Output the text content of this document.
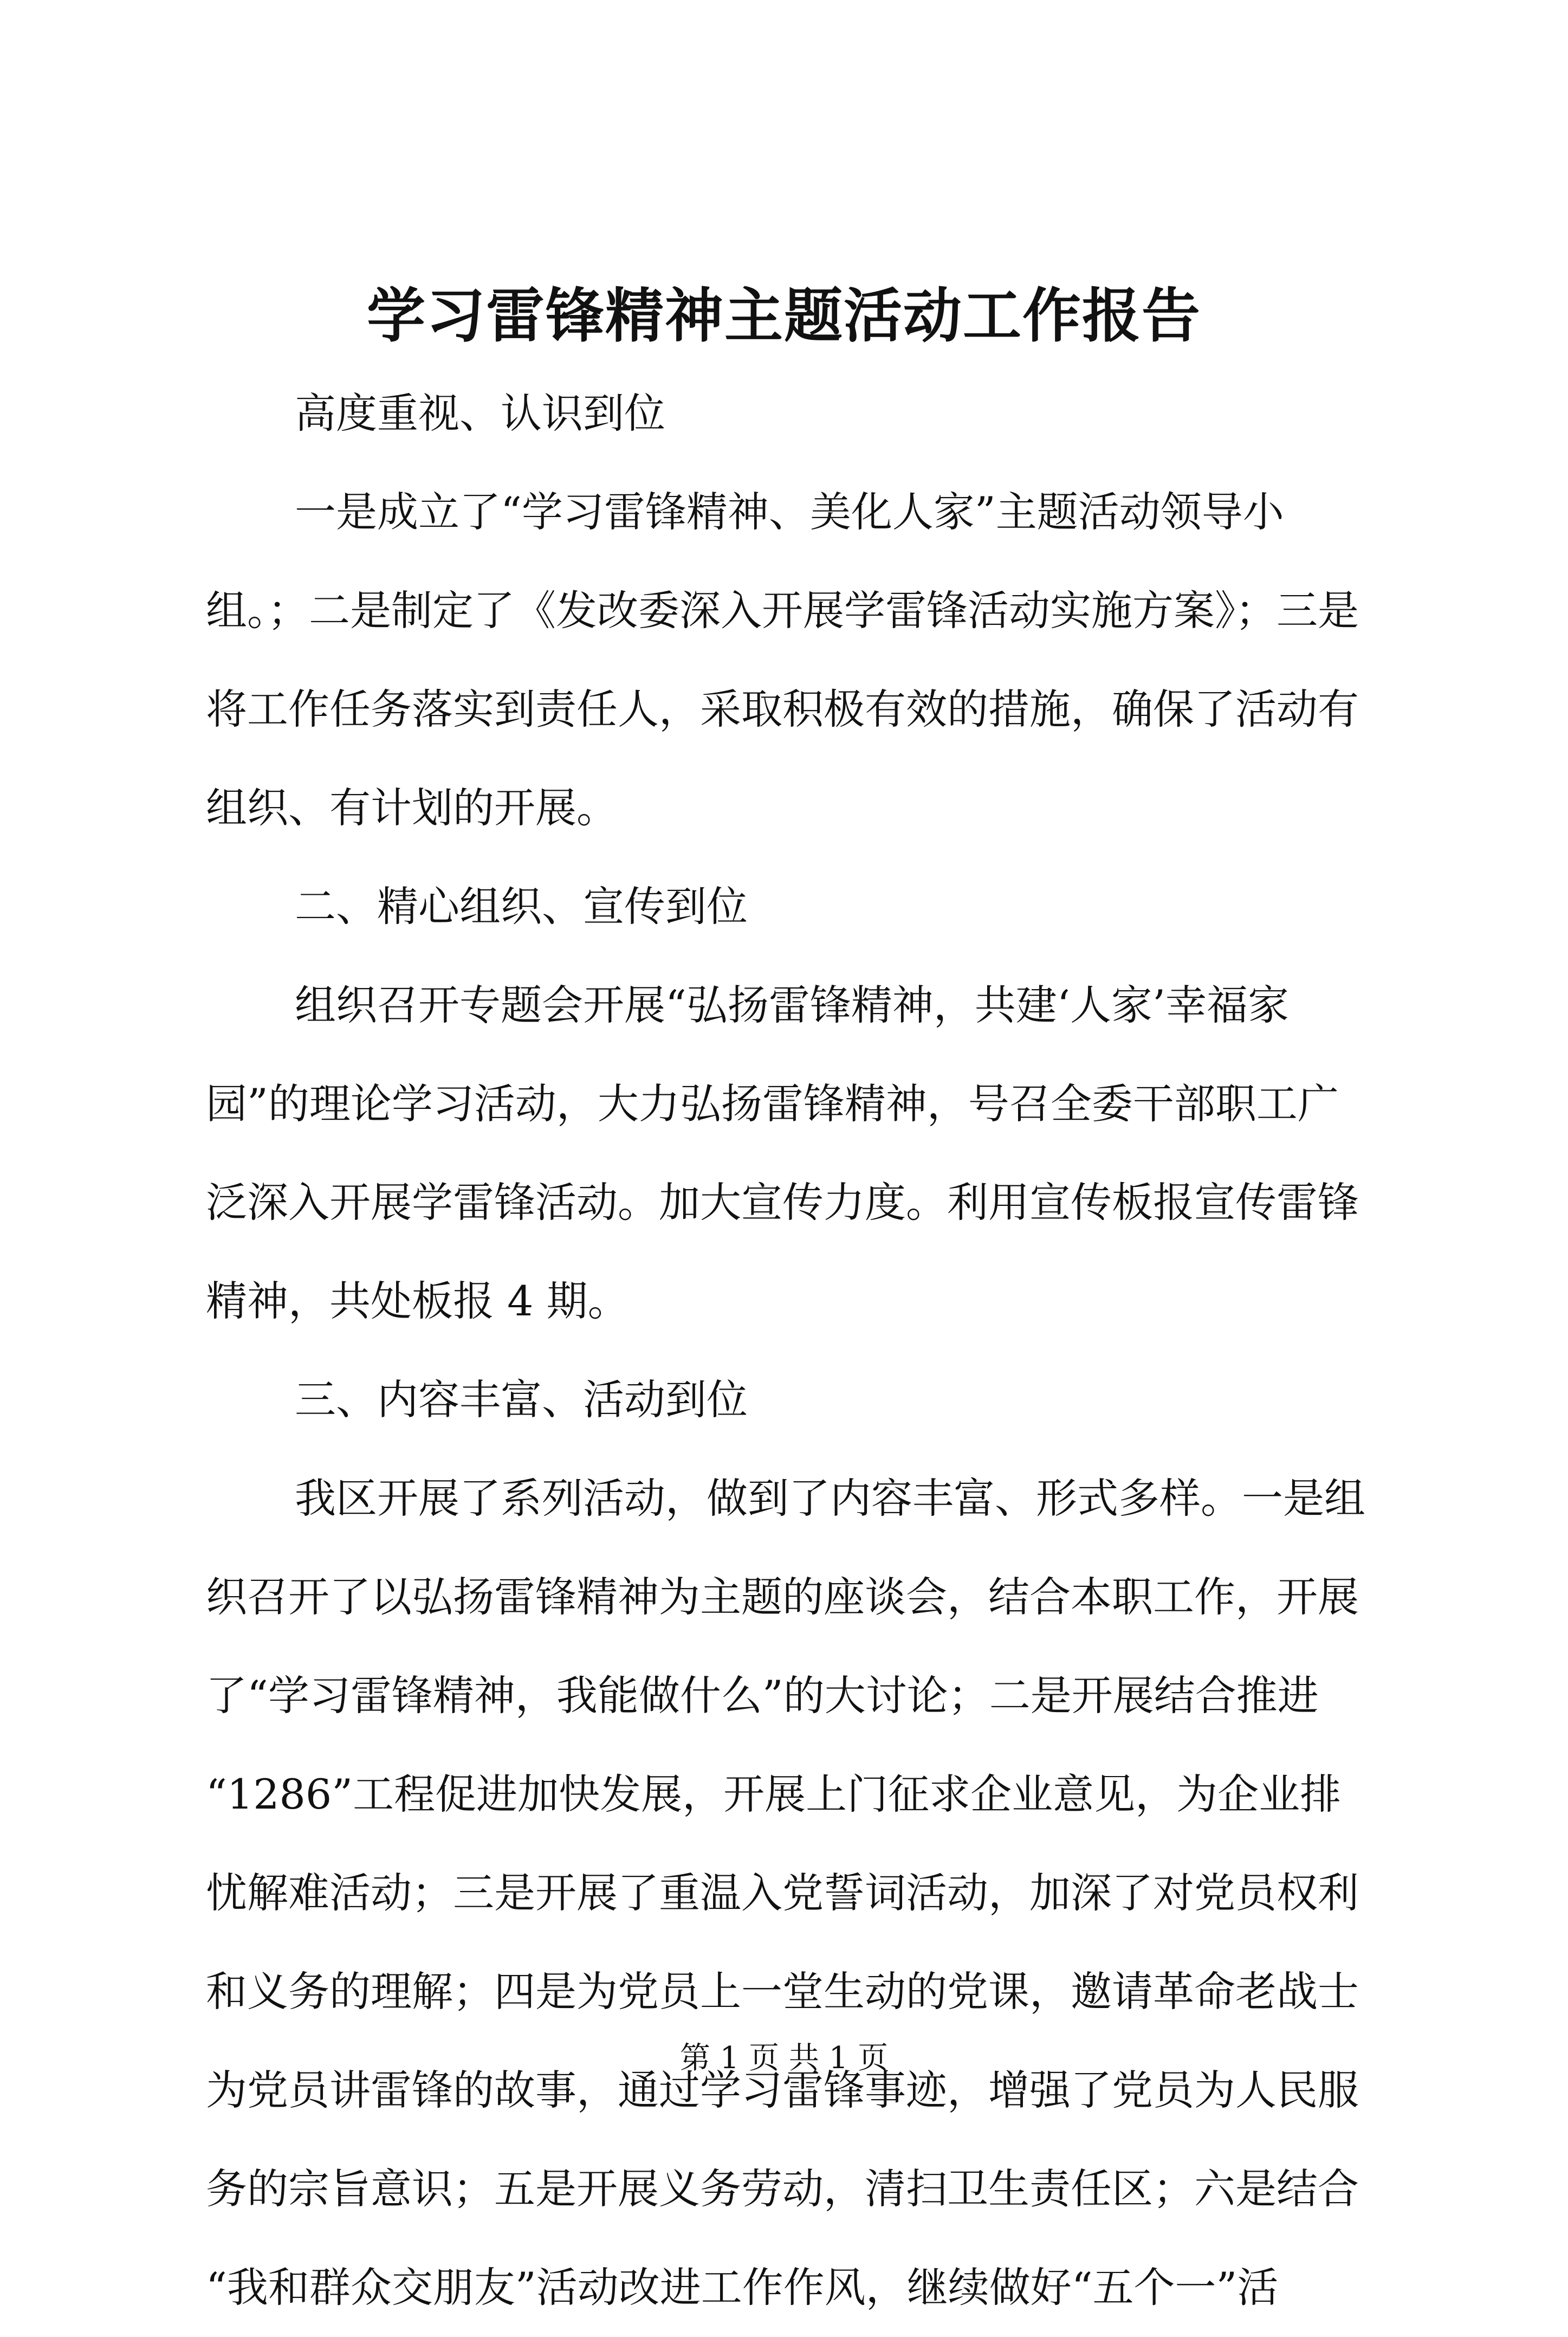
学习雷锋精神主题活动工作报告
高度重视、认识到位
一是成立了“学习雷锋精神、美化人家”主题活动领导小
组。；二是制定了《发改委深入开展学雷锋活动实施方案》；三是
将工作任务落实到责任人，采取积极有效的措施，确保了活动有
组织、有计划的开展。
二、精心组织、宣传到位
组织召开专题会开展“弘扬雷锋精神，共建‘人家’幸福家
园”的理论学习活动，大力弘扬雷锋精神，号召全委干部职工广
泛深入开展学雷锋活动。加大宣传力度。利用宣传板报宣传雷锋
精神，共处板报 4 期。
三、内容丰富、活动到位
我区开展了系列活动，做到了内容丰富、形式多样。一是组
织召开了以弘扬雷锋精神为主题的座谈会，结合本职工作，开展
了“学习雷锋精神，我能做什么”的大讨论；二是开展结合推进
“1286”工程促进加快发展，开展上门征求企业意见，为企业排
忧解难活动；三是开展了重温入党誓词活动，加深了对党员权利
和义务的理解；四是为党员上一堂生动的党课，邀请革命老战士
为党员讲雷锋的故事，通过学习雷锋事迹，增强了党员为人民服
务的宗旨意识；五是开展义务劳动，清扫卫生责任区；六是结合
“我和群众交朋友”活动改进工作作风，继续做好“五个一”活
第 1 页 共 1 页
